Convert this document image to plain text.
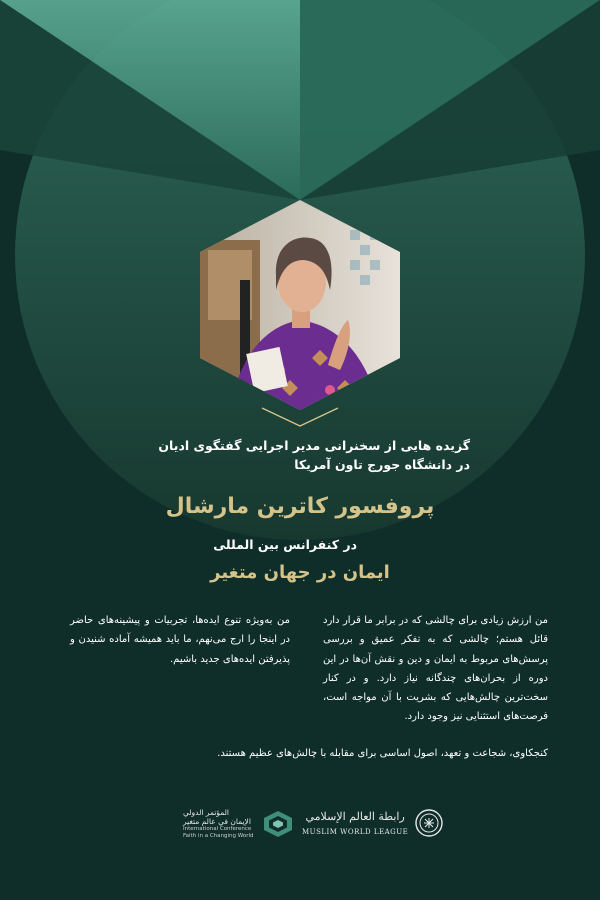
گزیده هایی از سخنرانی مدیر اجرایی گفتگوی ادیان
در دانشگاه جورج تاون آمریکا
پروفسور کاترین مارشال
در کنفرانس بین المللی
ایمان در جهان متغیر
من ارزش زیادی برای چالشی که در برابر ما قرار دارد قائل هستم؛ چالشی که به تفکر عمیق و بررسی پرسش‌های مربوط به ایمان و دین و نقش آن‌ها در این دوره از بحران‌های چندگانه نیاز دارد. و در کنار سخت‌ترین چالش‌هایی که بشریت با آن مواجه است، فرصت‌های استثنایی نیز وجود دارد.
من به‌ویژه تنوع ایده‌ها، تجربیات و پیشینه‌های حاضر در اینجا را ارج می‌نهم، ما باید همیشه آماده شنیدن و پذیرفتن ایده‌های جدید باشیم.
کنجکاوی، شجاعت و تعهد، اصول اساسی برای مقابله با چالش‌های عظیم هستند.
رابطة العالم الإسلامي
MUSLIM WORLD LEAGUE
المؤتمر الدولي
الإيمان في عالم متغير
International Conference
Faith in a Changing World
